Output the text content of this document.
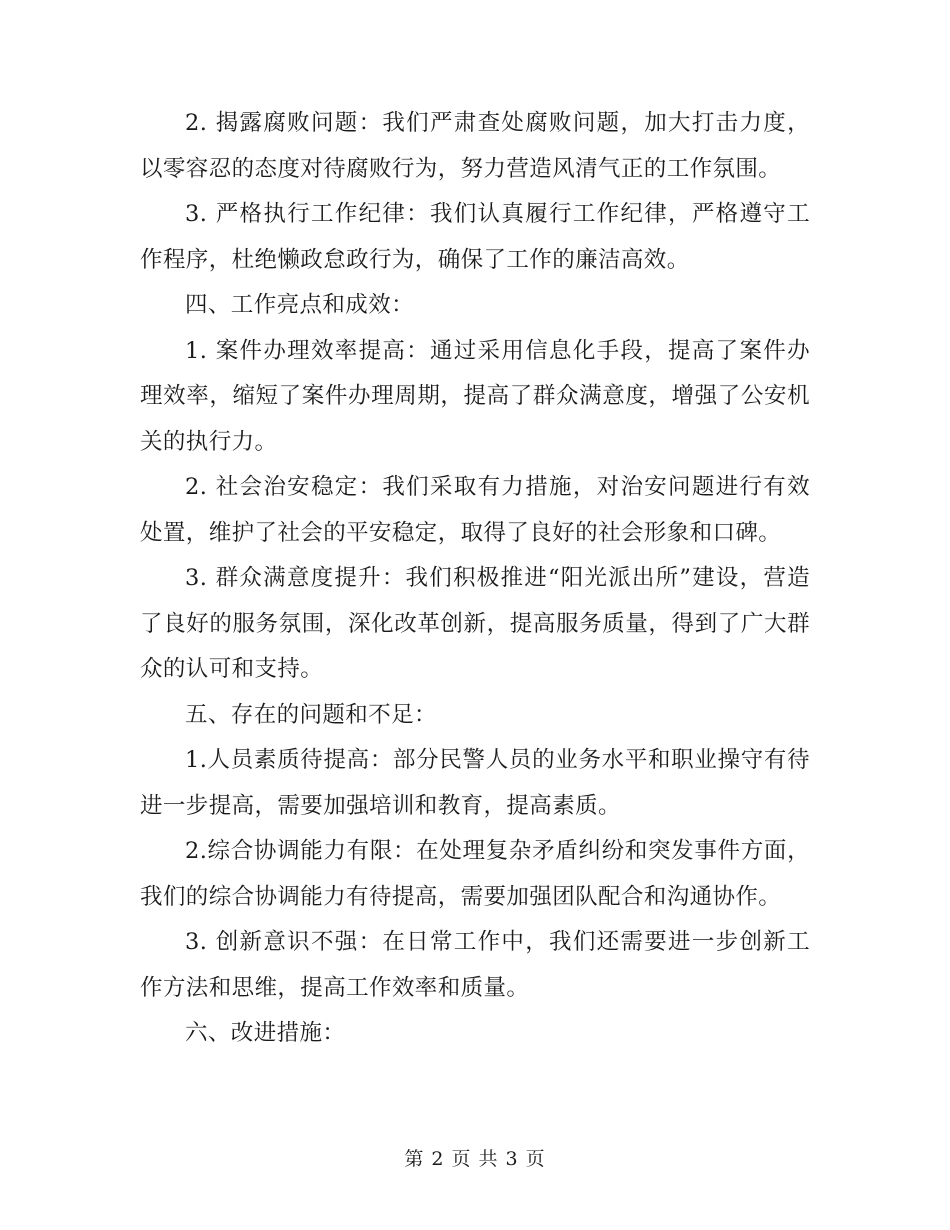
2. 揭露腐败问题：我们严肃查处腐败问题，加大打击力度，以零容忍的态度对待腐败行为，努力营造风清气正的工作氛围。

3. 严格执行工作纪律：我们认真履行工作纪律，严格遵守工作程序，杜绝懒政怠政行为，确保了工作的廉洁高效。

四、工作亮点和成效：

1. 案件办理效率提高：通过采用信息化手段，提高了案件办理效率，缩短了案件办理周期，提高了群众满意度，增强了公安机关的执行力。

2. 社会治安稳定：我们采取有力措施，对治安问题进行有效处置，维护了社会的平安稳定，取得了良好的社会形象和口碑。

3. 群众满意度提升：我们积极推进“阳光派出所”建设，营造了良好的服务氛围，深化改革创新，提高服务质量，得到了广大群众的认可和支持。

五、存在的问题和不足：

1.人员素质待提高：部分民警人员的业务水平和职业操守有待进一步提高，需要加强培训和教育，提高素质。

2.综合协调能力有限：在处理复杂矛盾纠纷和突发事件方面，我们的综合协调能力有待提高，需要加强团队配合和沟通协作。

3. 创新意识不强：在日常工作中，我们还需要进一步创新工作方法和思维，提高工作效率和质量。

六、改进措施：

第 2 页 共 3 页
